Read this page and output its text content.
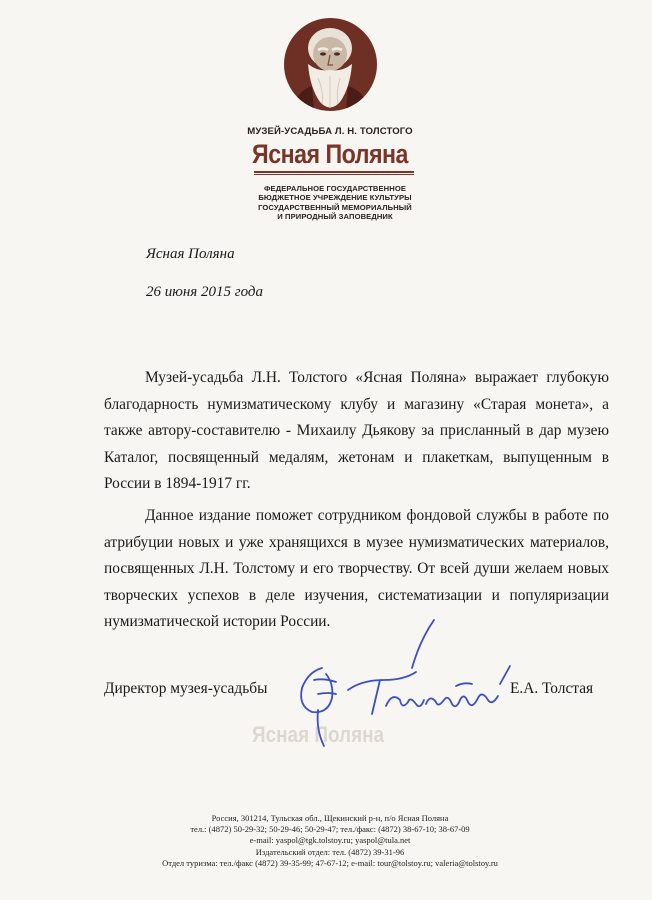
МУЗЕЙ-УСАДЬБА Л. Н. ТОЛСТОГО
Ясная Поляна
ФЕДЕРАЛЬНОЕ ГОСУДАРСТВЕННОЕ
БЮДЖЕТНОЕ УЧРЕЖДЕНИЕ КУЛЬТУРЫ
ГОСУДАРСТВЕННЫЙ МЕМОРИАЛЬНЫЙ
И ПРИРОДНЫЙ ЗАПОВЕДНИК
Ясная Поляна
26 июня 2015 года

Музей-усадьба Л.Н. Толстого «Ясная Поляна» выражает глубокую благодарность нумизматическому клубу и магазину «Старая монета», а также автору-составителю - Михаилу Дьякову за присланный в дар музею Каталог, посвященный медалям, жетонам и плакеткам, выпущенным в России в 1894-1917 гг.

Данное издание поможет сотрудником фондовой службы в работе по атрибуции новых и уже хранящихся в музее нумизматических материалов, посвященных Л.Н. Толстому и его творчеству. От всей души желаем новых творческих успехов в деле изучения, систематизации и популяризации нумизматической истории России.

Ясная Поляна
Директор музея-усадьбы	Е.А. Толстая
Россия, 301214, Тульская обл., Щекинский р-н, п/о Ясная Поляна
тел.: (4872) 50-29-32; 50-29-46; 50-29-47; тел./факс: (4872) 38-67-10; 38-67-09
e-mail: yaspol@tgk.tolstoy.ru; yaspol@tula.net
Издательский отдел: тел. (4872) 39-31-96
Отдел туризма: тел./факс (4872) 39-35-99; 47-67-12; e-mail: tour@tolstoy.ru; valeria@tolstoy.ru
